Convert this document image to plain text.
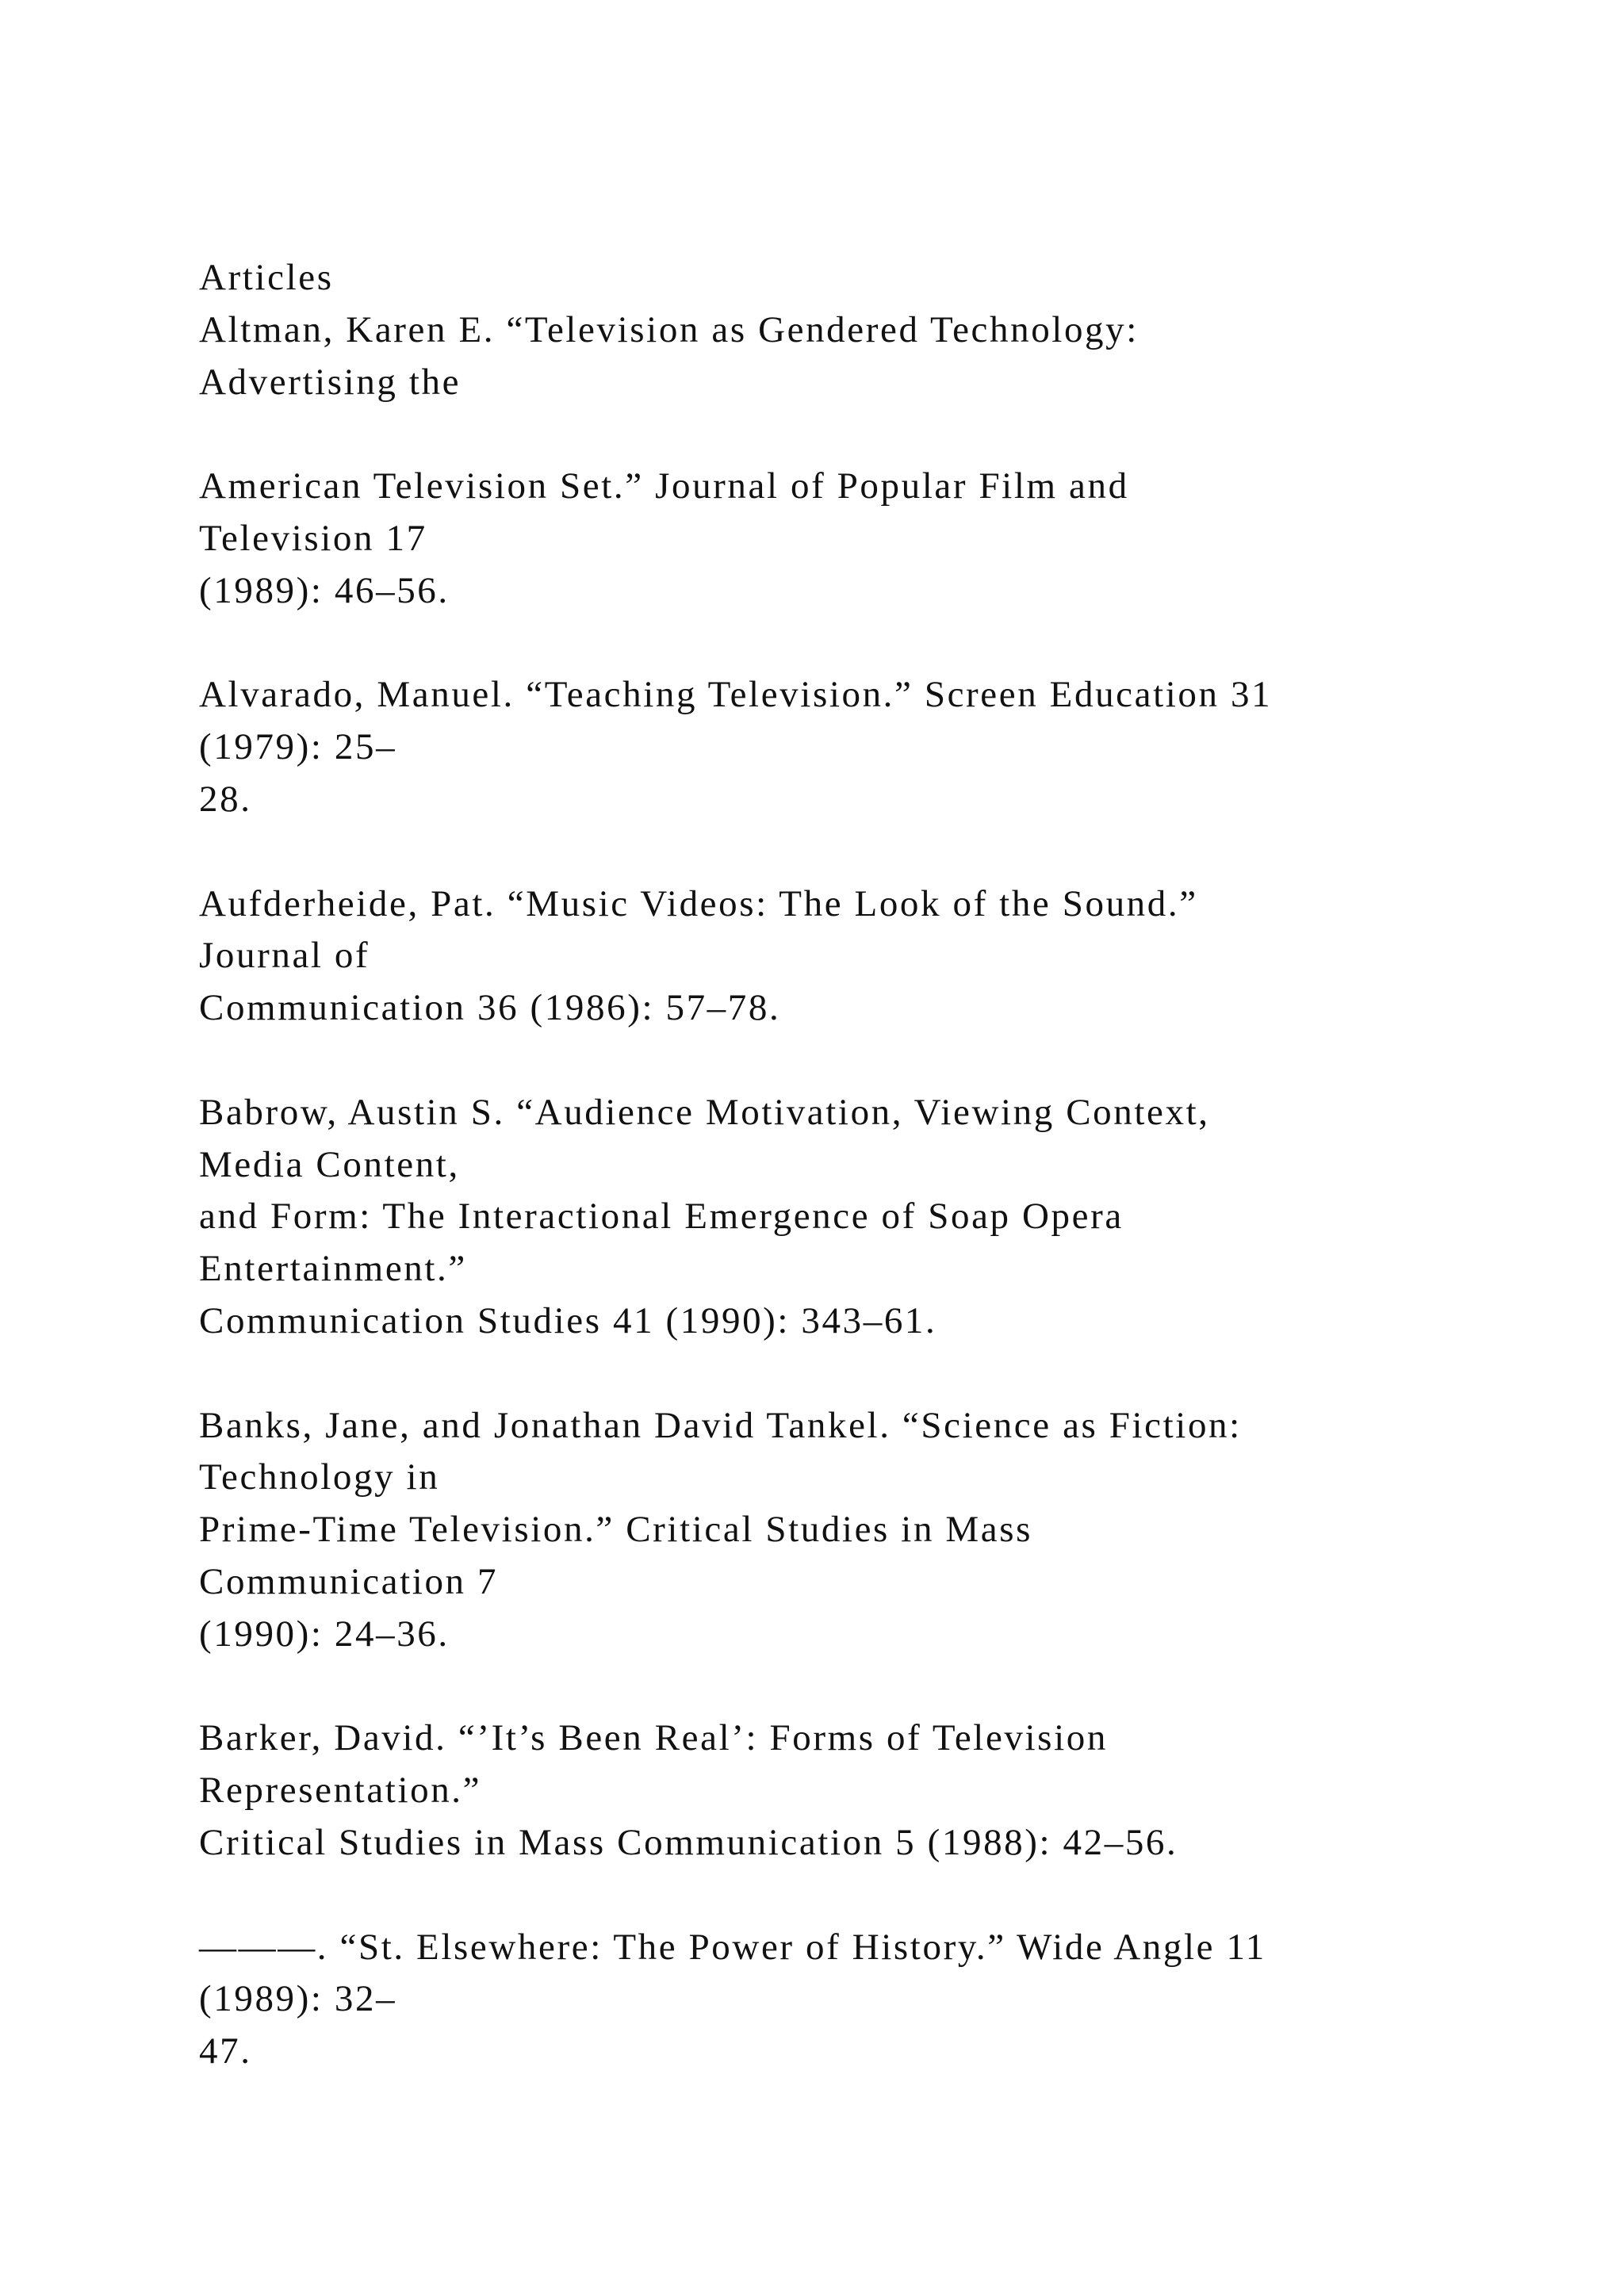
Articles
Altman, Karen E. “Television as Gendered Technology:
Advertising the
American Television Set.” Journal of Popular Film and
Television 17
(1989): 46–56.
Alvarado, Manuel. “Teaching Television.” Screen Education 31
(1979): 25–
28.
Aufderheide, Pat. “Music Videos: The Look of the Sound.”
Journal of
Communication 36 (1986): 57–78.
Babrow, Austin S. “Audience Motivation, Viewing Context,
Media Content,
and Form: The Interactional Emergence of Soap Opera
Entertainment.”
Communication Studies 41 (1990): 343–61.
Banks, Jane, and Jonathan David Tankel. “Science as Fiction:
Technology in
Prime-Time Television.” Critical Studies in Mass
Communication 7
(1990): 24–36.
Barker, David. “’It’s Been Real’: Forms of Television
Representation.”
Critical Studies in Mass Communication 5 (1988): 42–56.
———. “St. Elsewhere: The Power of History.” Wide Angle 11
(1989): 32–
47.
